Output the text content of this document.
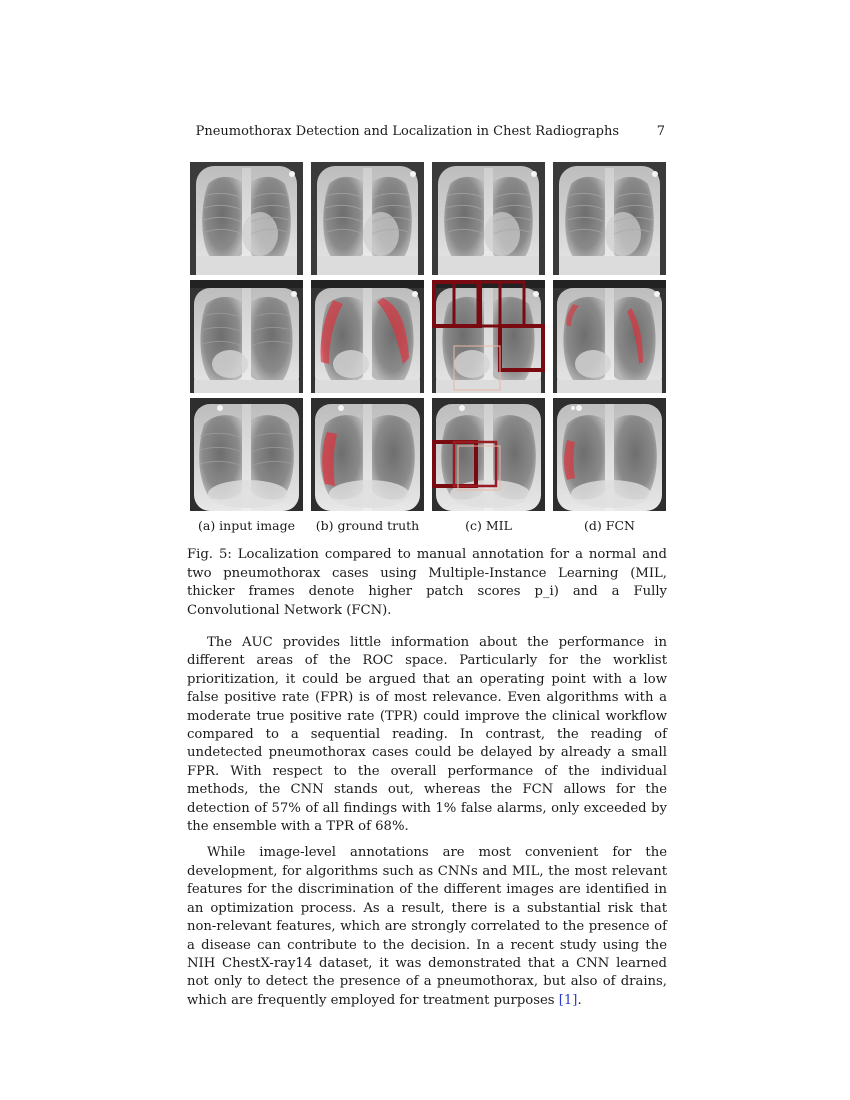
Pneumothorax Detection and Localization in Chest Radiographs	7
(a) input image	(b) ground truth	(c) MIL	(d) FCN
Fig. 5: Localization compared to manual annotation for a normal and two pneumothorax cases using Multiple-Instance Learning (MIL, thicker frames denote higher patch scores p_i) and a Fully Convolutional Network (FCN).

The AUC provides little information about the performance in different areas of the ROC space. Particularly for the worklist prioritization, it could be argued that an operating point with a low false positive rate (FPR) is of most relevance. Even algorithms with a moderate true positive rate (TPR) could improve the clinical workflow compared to a sequential reading. In contrast, the reading of undetected pneumothorax cases could be delayed by already a small FPR. With respect to the overall performance of the individual methods, the CNN stands out, whereas the FCN allows for the detection of 57% of all findings with 1% false alarms, only exceeded by the ensemble with a TPR of 68%.

While image-level annotations are most convenient for the development, for algorithms such as CNNs and MIL, the most relevant features for the discrimination of the different images are identified in an optimization process. As a result, there is a substantial risk that non-relevant features, which are strongly correlated to the presence of a disease can contribute to the decision. In a recent study using the NIH ChestX-ray14 dataset, it was demonstrated that a CNN learned not only to detect the presence of a pneumothorax, but also of drains, which are frequently employed for treatment purposes [1].
